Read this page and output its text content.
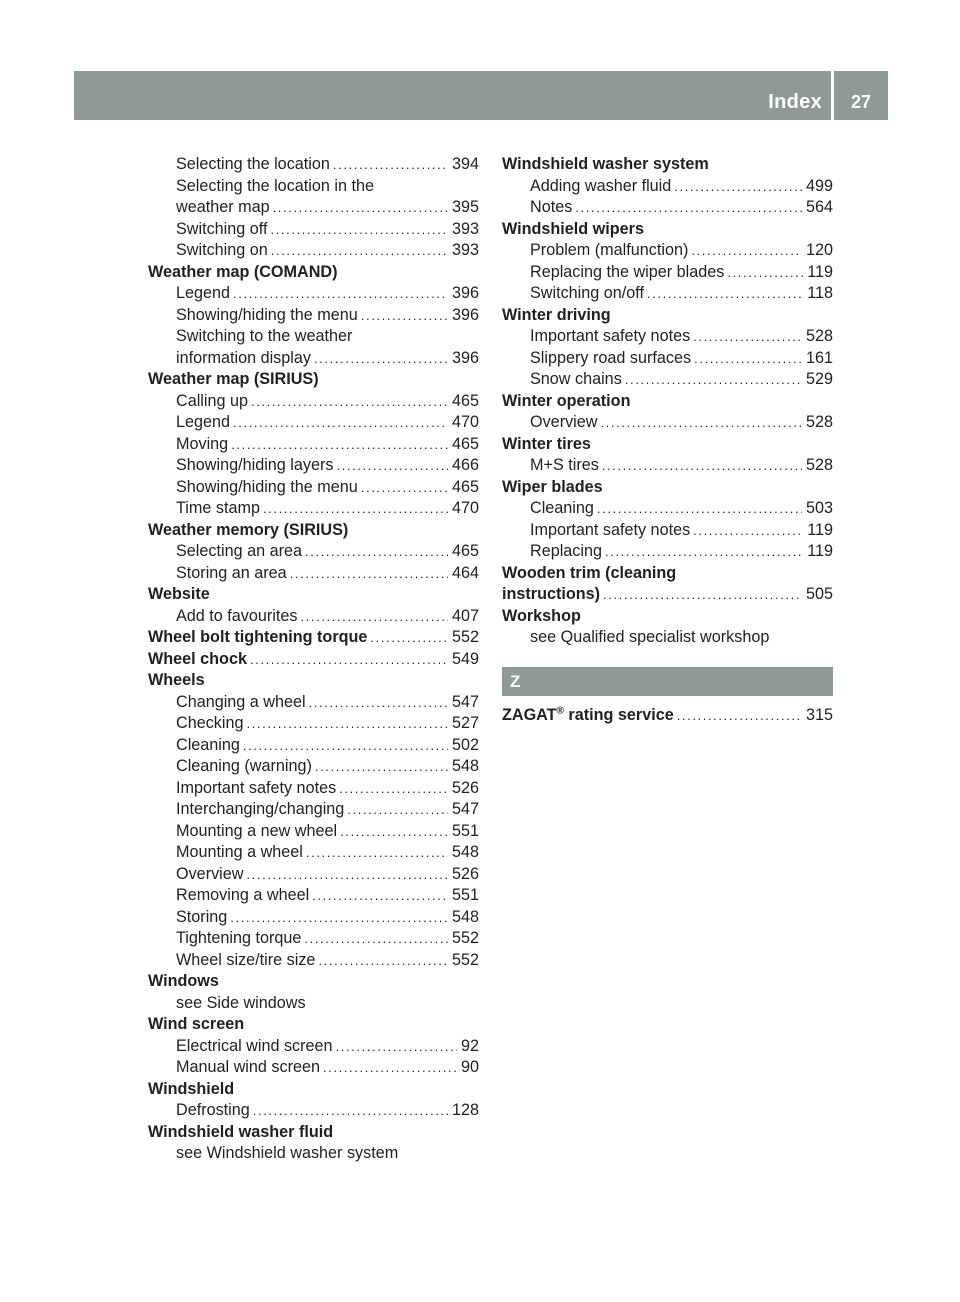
Index	27
Selecting the location .....	394
Selecting the location in the
weather map .....	395
Switching off .....	393
Switching on .....	393
Weather map (COMAND)
Legend .....	396
Showing/hiding the menu .....	396
Switching to the weather
information display .....	396
Weather map (SIRIUS)
Calling up .....	465
Legend .....	470
Moving .....	465
Showing/hiding layers .....	466
Showing/hiding the menu .....	465
Time stamp .....	470
Weather memory (SIRIUS)
Selecting an area .....	465
Storing an area .....	464
Website
Add to favourites .....	407
Wheel bolt tightening torque .....	552
Wheel chock .....	549
Wheels
Changing a wheel .....	547
Checking .....	527
Cleaning .....	502
Cleaning (warning) .....	548
Important safety notes .....	526
Interchanging/changing .....	547
Mounting a new wheel .....	551
Mounting a wheel .....	548
Overview .....	526
Removing a wheel .....	551
Storing .....	548
Tightening torque .....	552
Wheel size/tire size .....	552
Windows
see Side windows
Wind screen
Electrical wind screen .....	92
Manual wind screen .....	90
Windshield
Defrosting .....	128
Windshield washer fluid
see Windshield washer system
Windshield washer system
Adding washer fluid .....	499
Notes .....	564
Windshield wipers
Problem (malfunction) .....	120
Replacing the wiper blades .....	119
Switching on/off .....	118
Winter driving
Important safety notes .....	528
Slippery road surfaces .....	161
Snow chains .....	529
Winter operation
Overview .....	528
Winter tires
M+S tires .....	528
Wiper blades
Cleaning .....	503
Important safety notes .....	119
Replacing .....	119
Wooden trim (cleaning
instructions) .....	505
Workshop
see Qualified specialist workshop
Z
ZAGAT® rating service .....	315
